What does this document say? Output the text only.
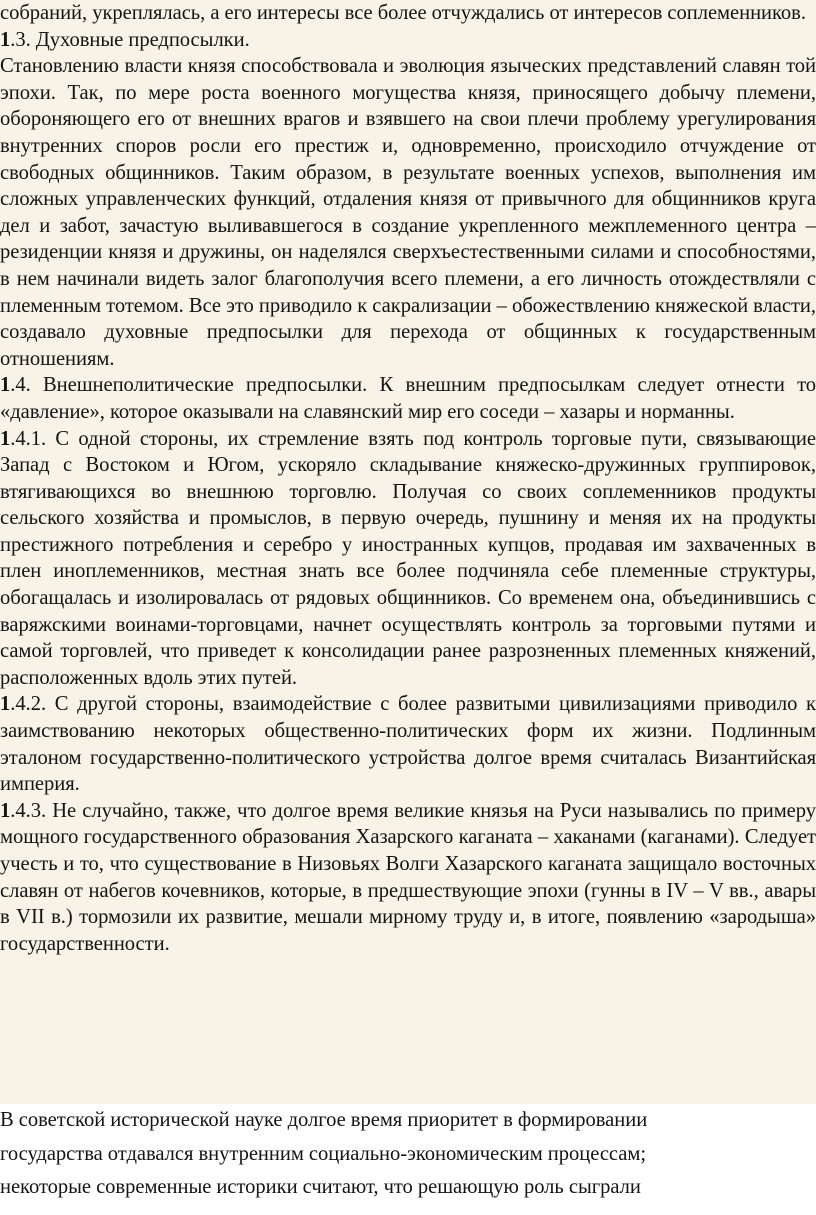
собраний, укреплялась, а его интересы все более отчуждались от интересов соплеменников.

1.3. Духовные предпосылки.

Становлению власти князя способствовала и эволюция языческих представлений славян той эпохи. Так, по мере роста военного могущества князя, приносящего добычу племени, обороняющего его от внешних врагов и взявшего на свои плечи проблему урегулирования внутренних споров росли его престиж и, одновременно, происходило отчуждение от свободных общинников. Таким образом, в результате военных успехов, выполнения им сложных управленческих функций, отдаления князя от привычного для общинников круга дел и забот, зачастую выливавшегося в создание укрепленного межплеменного центра – резиденции князя и дружины, он наделялся сверхъестественными силами и способностями, в нем начинали видеть залог благополучия всего племени, а его личность отождествляли с племенным тотемом. Все это приводило к сакрализации – обожествлению княжеской власти, создавало духовные предпосылки для перехода от общинных к государственным отношениям.

1.4. Внешнеполитические предпосылки. К внешним предпосылкам следует отнести то «давление», которое оказывали на славянский мир его соседи – хазары и норманны.

1.4.1. С одной стороны, их стремление взять под контроль торговые пути, связывающие Запад с Востоком и Югом, ускоряло складывание княжеско-дружинных группировок, втягивающихся во внешнюю торговлю. Получая со своих соплеменников продукты сельского хозяйства и промыслов, в первую очередь, пушнину и меняя их на продукты престижного потребления и серебро у иностранных купцов, продавая им захваченных в плен иноплеменников, местная знать все более подчиняла себе племенные структуры, обогащалась и изолировалась от рядовых общинников. Со временем она, объединившись с варяжскими воинами-торговцами, начнет осуществлять контроль за торговыми путями и самой торговлей, что приведет к консолидации ранее разрозненных племенных княжений, расположенных вдоль этих путей.

1.4.2. С другой стороны, взаимодействие с более развитыми цивилизациями приводило к заимствованию некоторых общественно-политических форм их жизни. Подлинным эталоном государственно-политического устройства долгое время считалась Византийская империя.

1.4.3. Не случайно, также, что долгое время великие князья на Руси назывались по примеру мощного государственного образования Хазарского каганата – хаканами (каганами). Следует учесть и то, что существование в Низовьях Волги Хазарского каганата защищало восточных славян от набегов кочевников, которые, в предшествующие эпохи (гунны в IV – V вв., авары в VII в.) тормозили их развитие, мешали мирному труду и, в итоге, появлению «зародыша» государственности.

В советской исторической науке долгое время приоритет в формировании

государства отдавался внутренним социально-экономическим процессам;

некоторые современные историки считают, что решающую роль сыграли
